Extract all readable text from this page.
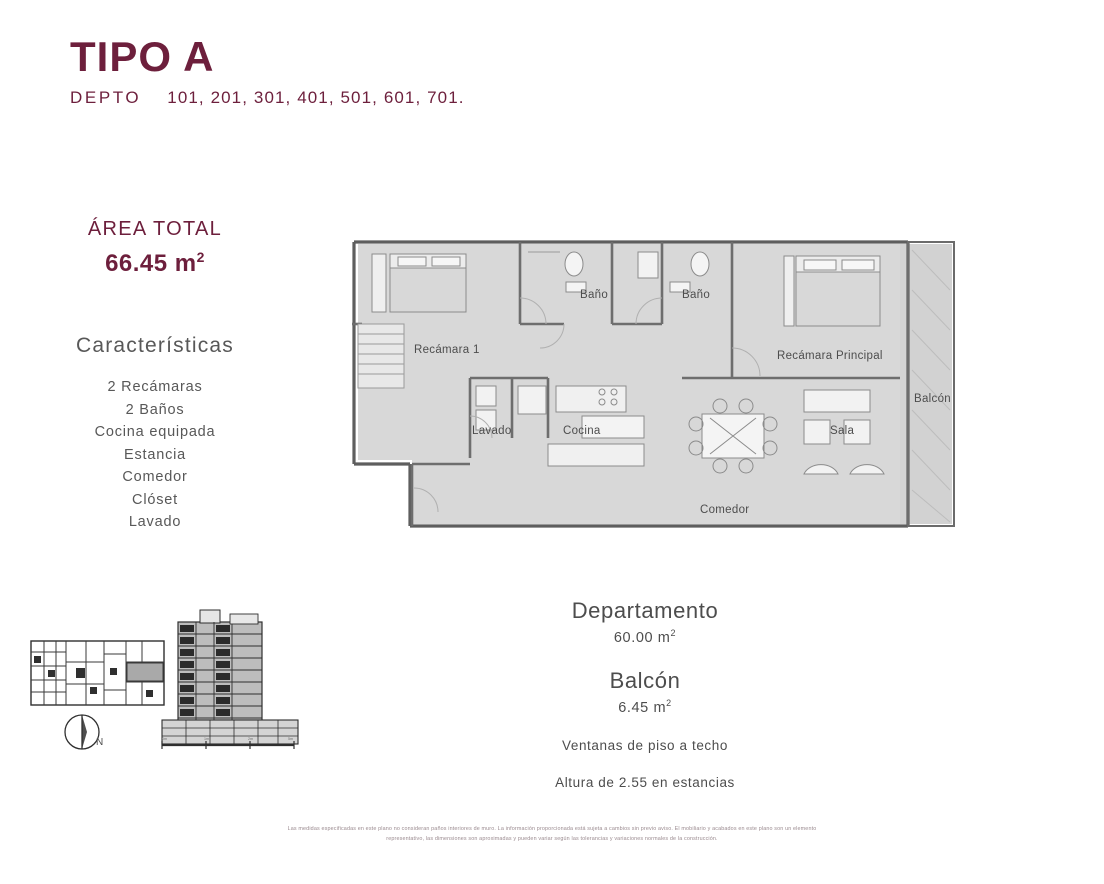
TIPO A
DEPTO 101, 201, 301, 401, 501, 601, 701.
ÁREA TOTAL
66.45 $m^2$
Características
2 Recámaras
2 Baños
Cocina equipada
Estancia
Comedor
Clóset
Lavado
Baño	Baño
Recámara 1	Recámara Principal
Balcón
Lavado	Cocina	Sala
Comedor
N	0m	1m	2m	5m
Departamento
60.00 $m^2$
Balcón
6.45 $m^2$
Ventanas de piso a techo
Altura de 2.55 en estancias
Las medidas especificadas en este plano no consideran paños interiores de muro. La información proporcionada está sujeta a cambios sin previo aviso. El mobiliario y acabados en este plano son un elemento
representativo, las dimensiones son aproximadas y pueden variar según las tolerancias y variaciones normales de la construcción.
